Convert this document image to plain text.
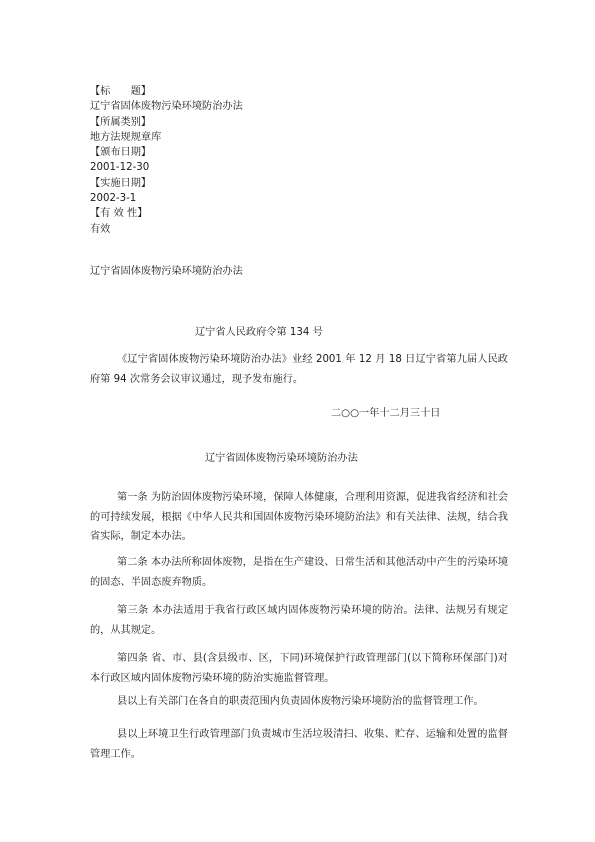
【标　　题】
辽宁省固体废物污染环境防治办法
【所属类别】
地方法规规章库
【颁布日期】
2001-12-30
【实施日期】
2002-3-1
【有 效 性】
有效
辽宁省固体废物污染环境防治办法
辽宁省人民政府令第 134 号
《辽宁省固体废物污染环境防治办法》业经 2001 年 12 月 18 日辽宁省第九届人民政府第 94 次常务会议审议通过，现予发布施行。
二○○一年十二月三十日
辽宁省固体废物污染环境防治办法
第一条 为防治固体废物污染环境，保障人体健康，合理利用资源，促进我省经济和社会的可持续发展，根据《中华人民共和国固体废物污染环境防治法》和有关法律、法规，结合我省实际，制定本办法。
第二条 本办法所称固体废物，是指在生产建设、日常生活和其他活动中产生的污染环境的固态、半固态废弃物质。
第三条 本办法适用于我省行政区域内固体废物污染环境的防治。法律、法规另有规定的，从其规定。
第四条 省、市、县(含县级市、区，下同)环境保护行政管理部门(以下简称环保部门)对本行政区域内固体废物污染环境的防治实施监督管理。
县以上有关部门在各自的职责范围内负责固体废物污染环境防治的监督管理工作。
县以上环境卫生行政管理部门负责城市生活垃圾清扫、收集、贮存、运输和处置的监督管理工作。
